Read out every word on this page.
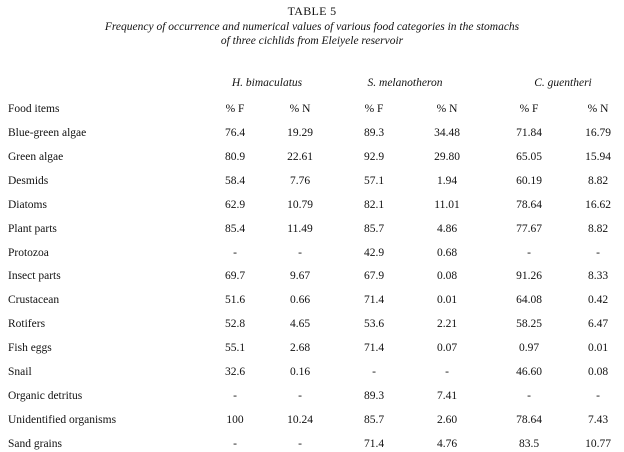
TABLE 5
Frequency of occurrence and numerical values of various food categories in the stomachs
of three cichlids from Eleiyele reservoir
H. bimaculatus	S. melanotheron	C. guentheri
Food items	% F	% N	% F	% N	% F	% N
Blue-green algae	76.4	19.29	89.3	34.48	71.84	16.79
Green algae	80.9	22.61	92.9	29.80	65.05	15.94
Desmids	58.4	7.76	57.1	1.94	60.19	8.82
Diatoms	62.9	10.79	82.1	11.01	78.64	16.62
Plant parts	85.4	11.49	85.7	4.86	77.67	8.82
Protozoa	-	-	42.9	0.68	-	-
Insect parts	69.7	9.67	67.9	0.08	91.26	8.33
Crustacean	51.6	0.66	71.4	0.01	64.08	0.42
Rotifers	52.8	4.65	53.6	2.21	58.25	6.47
Fish eggs	55.1	2.68	71.4	0.07	0.97	0.01
Snail	32.6	0.16	-	-	46.60	0.08
Organic detritus	-	-	89.3	7.41	-	-
Unidentified organisms	100	10.24	85.7	2.60	78.64	7.43
Sand grains	-	-	71.4	4.76	83.5	10.77
